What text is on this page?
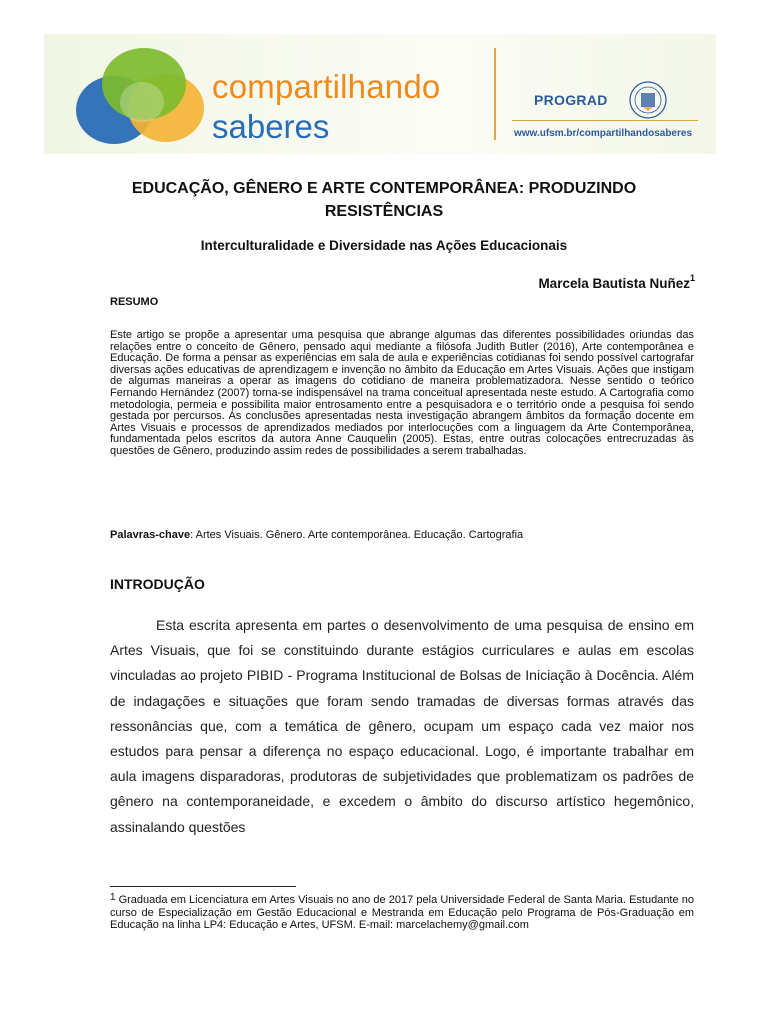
compartilhando
saberes
PROGRAD
www.ufsm.br/compartilhandosaberes
EDUCAÇÃO, GÊNERO E ARTE CONTEMPORÂNEA: PRODUZINDO RESISTÊNCIAS
Interculturalidade e Diversidade nas Ações Educacionais
Marcela Bautista Nuñez$^1$
RESUMO

Este artigo se propõe a apresentar uma pesquisa que abrange algumas das diferentes possibilidades oriundas das relações entre o conceito de Gênero, pensado aqui mediante a filósofa Judith Butler (2016), Arte contemporânea e Educação. De forma a pensar as experiências em sala de aula e experiências cotidianas foi sendo possível cartografar diversas ações educativas de aprendizagem e invenção no âmbito da Educação em Artes Visuais. Ações que instigam de algumas maneiras a operar as imagens do cotidiano de maneira problematizadora. Nesse sentido o teórico Fernando Hernández (2007) torna-se indispensável na trama conceitual apresentada neste estudo. A Cartografia como metodologia, permeia e possibilita maior entrosamento entre a pesquisadora e o território onde a pesquisa foi sendo gestada por percursos. As conclusões apresentadas nesta investigação abrangem âmbitos da formação docente em Artes Visuais e processos de aprendizados mediados por interlocuções com a linguagem da Arte Contemporânea, fundamentada pelos escritos da autora Anne Cauquelin (2005). Estas, entre outras colocações entrecruzadas às questões de Gênero, produzindo assim redes de possibilidades a serem trabalhadas.

Palavras-chave: Artes Visuais. Gênero. Arte contemporânea. Educação. Cartografia
INTRODUÇÃO

Esta escrita apresenta em partes o desenvolvimento de uma pesquisa de ensino em Artes Visuais, que foi se constituindo durante estágios curriculares e aulas em escolas vinculadas ao projeto PIBID - Programa Institucional de Bolsas de Iniciação à Docência. Além de indagações e situações que foram sendo tramadas de diversas formas através das ressonâncias que, com a temática de gênero, ocupam um espaço cada vez maior nos estudos para pensar a diferença no espaço educacional. Logo, é importante trabalhar em aula imagens disparadoras, produtoras de subjetividades que problematizam os padrões de gênero na contemporaneidade, e excedem o âmbito do discurso artístico hegemônico, assinalando questões

$^1$ Graduada em Licenciatura em Artes Visuais no ano de 2017 pela Universidade Federal de Santa Maria. Estudante no curso de Especialização em Gestão Educacional e Mestranda em Educação pelo Programa de Pós-Graduação em Educação na linha LP4: Educação e Artes, UFSM. E-mail: marcelachemy@gmail.com
